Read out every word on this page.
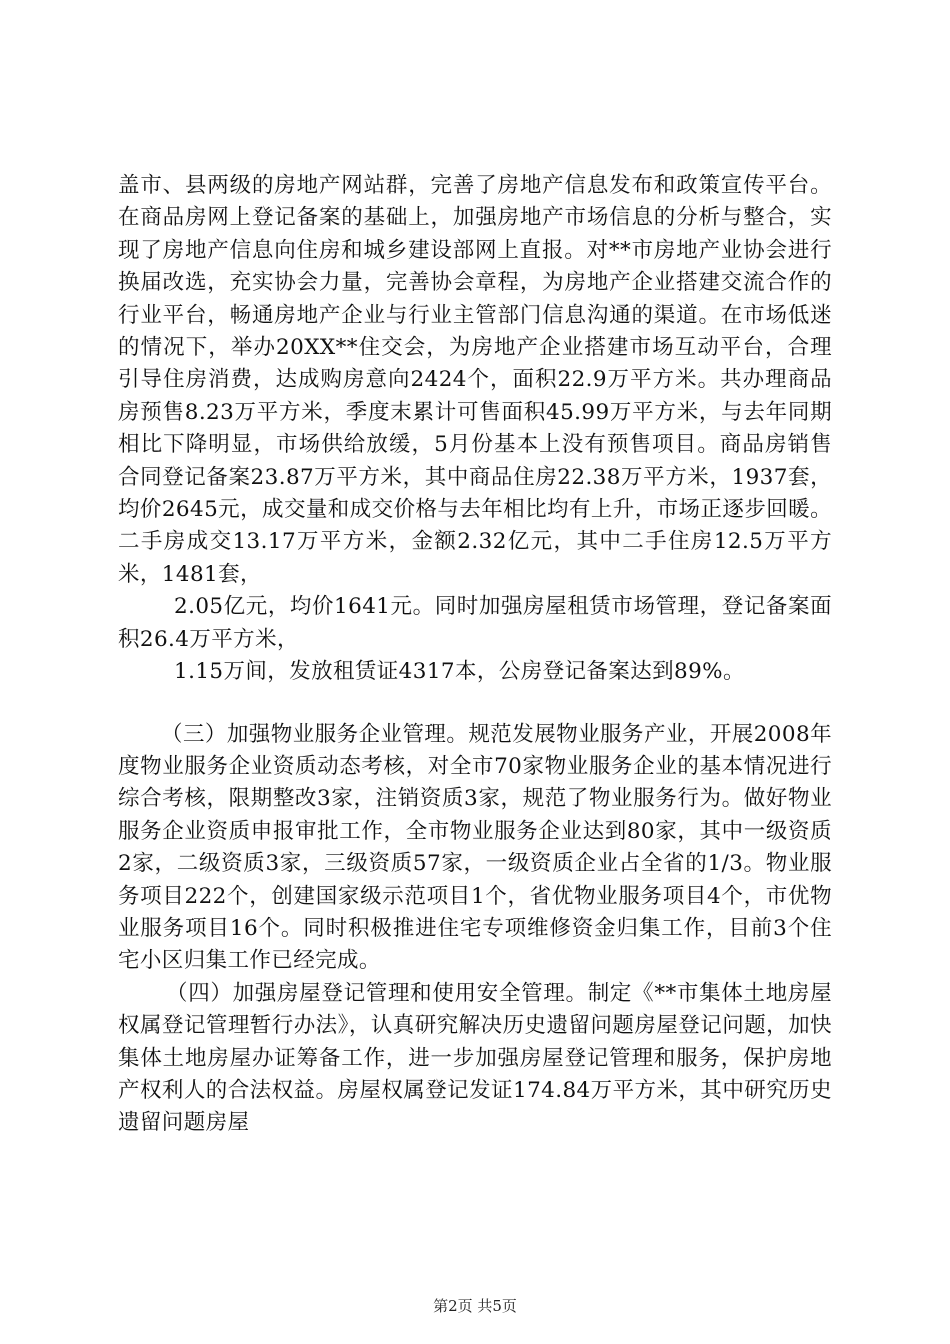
盖市、县两级的房地产网站群，完善了房地产信息发布和政策宣传平台。在商品房网上登记备案的基础上，加强房地产市场信息的分析与整合，实现了房地产信息向住房和城乡建设部网上直报。对**市房地产业协会进行换届改选，充实协会力量，完善协会章程，为房地产企业搭建交流合作的行业平台，畅通房地产企业与行业主管部门信息沟通的渠道。在市场低迷的情况下，举办20XX**住交会，为房地产企业搭建市场互动平台，合理引导住房消费，达成购房意向2424个，面积22.9万平方米。共办理商品房预售8.23万平方米，季度末累计可售面积45.99万平方米，与去年同期相比下降明显，市场供给放缓，5月份基本上没有预售项目。商品房销售合同登记备案23.87万平方米，其中商品住房22.38万平方米，1937套，均价2645元，成交量和成交价格与去年相比均有上升，市场正逐步回暖。二手房成交13.17万平方米，金额2.32亿元，其中二手住房12.5万平方米，1481套，

2.05亿元，均价1641元。同时加强房屋租赁市场管理，登记备案面积26.4万平方米，

1.15万间，发放租赁证4317本，公房登记备案达到89%。

（三）加强物业服务企业管理。规范发展物业服务产业，开展2008年度物业服务企业资质动态考核，对全市70家物业服务企业的基本情况进行综合考核，限期整改3家，注销资质3家，规范了物业服务行为。做好物业服务企业资质申报审批工作，全市物业服务企业达到80家，其中一级资质2家，二级资质3家，三级资质57家，一级资质企业占全省的1/3。物业服务项目222个，创建国家级示范项目1个，省优物业服务项目4个，市优物业服务项目16个。同时积极推进住宅专项维修资金归集工作，目前3个住宅小区归集工作已经完成。

（四）加强房屋登记管理和使用安全管理。制定《**市集体土地房屋权属登记管理暂行办法》，认真研究解决历史遗留问题房屋登记问题，加快集体土地房屋办证筹备工作，进一步加强房屋登记管理和服务，保护房地产权利人的合法权益。房屋权属登记发证174.84万平方米，其中研究历史遗留问题房屋

第2页 共5页
